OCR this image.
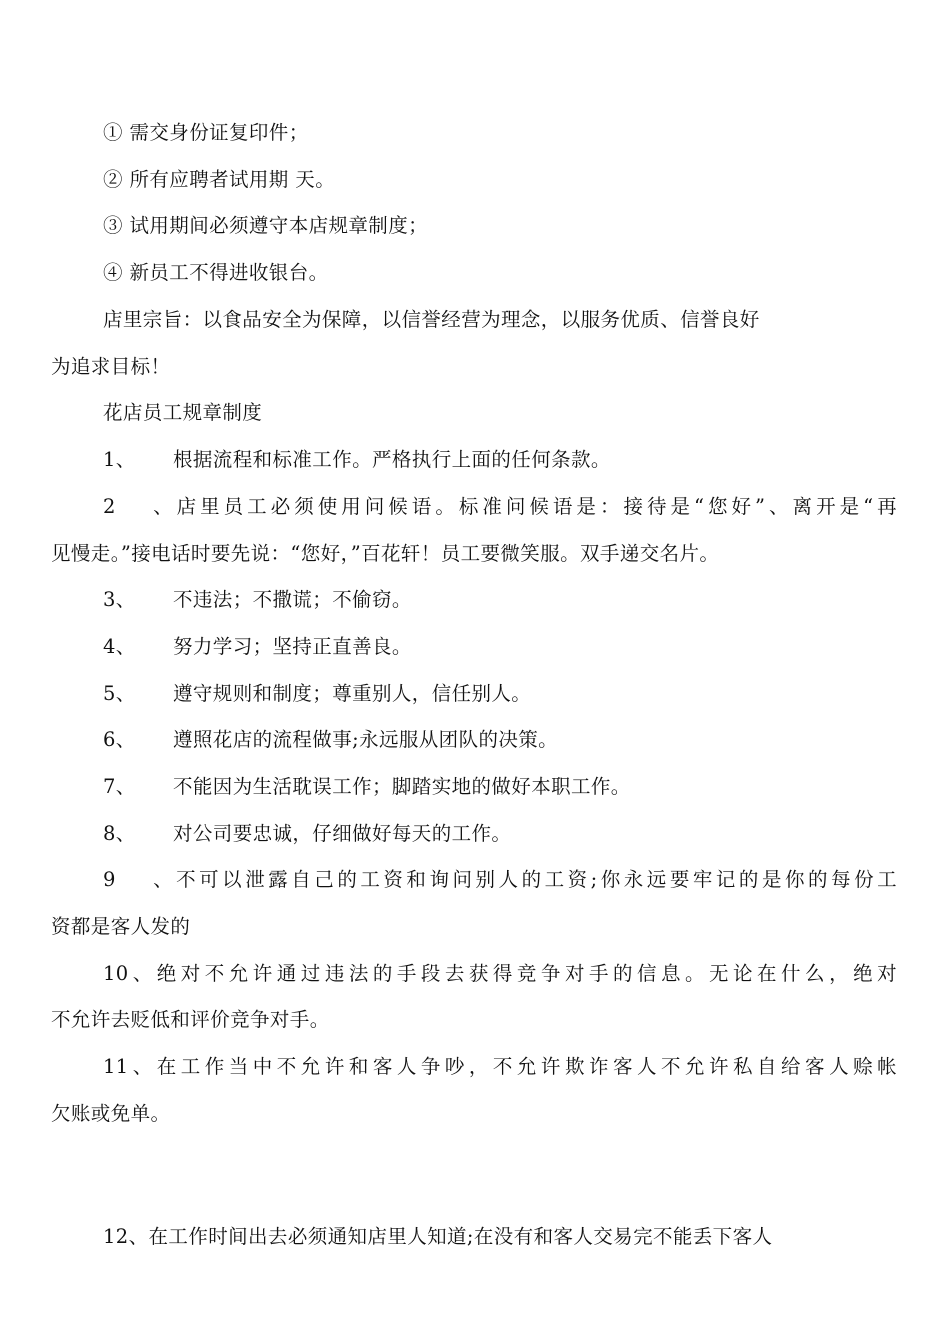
① 需交身份证复印件；
② 所有应聘者试用期 天。
③ 试用期间必须遵守本店规章制度；
④ 新员工不得进收银台。
店里宗旨：以食品安全为保障，以信誉经营为理念，以服务优质、信誉良好
为追求目标！
花店员工规章制度
1、 根据流程和标准工作。严格执行上面的任何条款。
2、店里员工必须使用问候语。标准问候语是：接待是“您好”、离开是“再
见慢走。”接电话时要先说：“您好，”百花轩！员工要微笑服。双手递交名片。
3、 不违法；不撒谎；不偷窃。
4、 努力学习；坚持正直善良。
5、 遵守规则和制度；尊重别人，信任别人。
6、 遵照花店的流程做事;永远服从团队的决策。
7、 不能因为生活耽误工作；脚踏实地的做好本职工作。
8、 对公司要忠诚，仔细做好每天的工作。
9、不可以泄露自己的工资和询问别人的工资;你永远要牢记的是你的每份工
资都是客人发的
10、绝对不允许通过违法的手段去获得竞争对手的信息。无论在什么，绝对
不允许去贬低和评价竞争对手。
11、在工作当中不允许和客人争吵，不允许欺诈客人不允许私自给客人赊帐
欠账或免单。
12、在工作时间出去必须通知店里人知道;在没有和客人交易完不能丢下客人
